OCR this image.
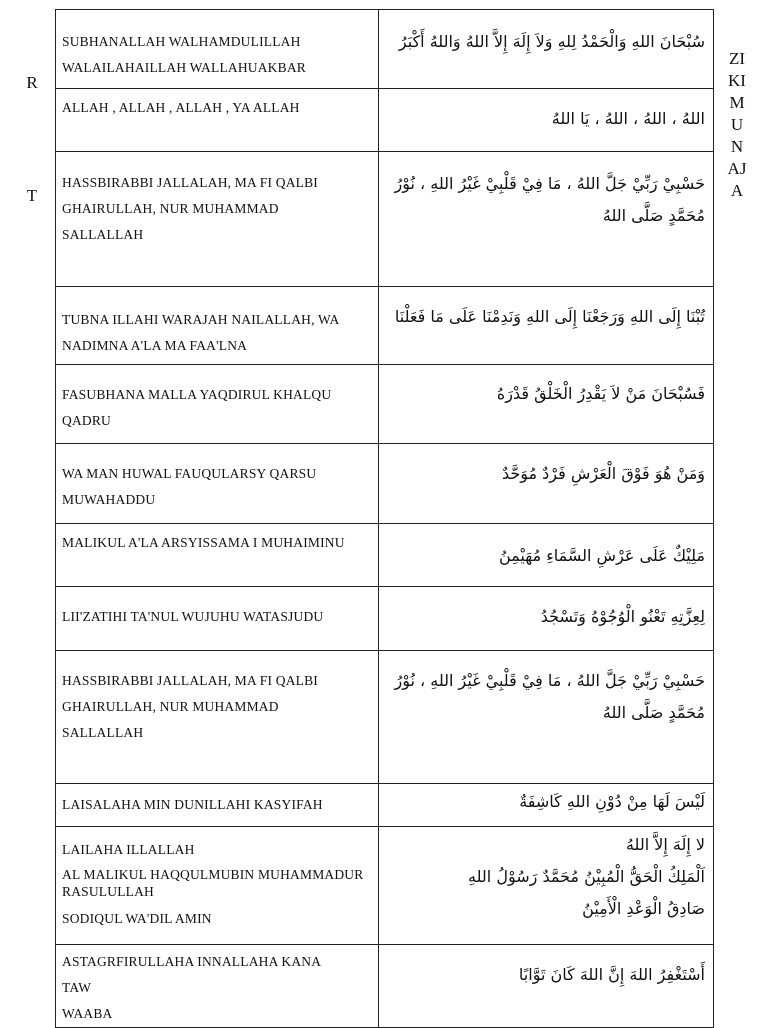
R
T
ZI
KI
M
U
N
AJ
A
SUBHANALLAH WALHAMDULILLAH
WALAILAHAILLAH WALLAHUAKBAR	سُبْحَانَ اللهِ وَالْحَمْدُ لِلهِ وَلاَ إِلَهَ إِلاَّ اللهُ وَاللهُ أَكْبَرُ

ALLAH , ALLAH , ALLAH , YA ALLAH	اللهُ ، اللهُ ، اللهُ ، يَا اللهُ

HASSBIRABBI JALLALAH, MA FI QALBI
GHAIRULLAH, NUR MUHAMMAD
SALLALLAH	حَسْبِيْ رَبِّيْ جَلَّ اللهُ ، مَا فِيْ قَلْبِيْ غَيْرُ اللهِ ، نُوْرُ
مُحَمَّدٍ صَلَّى اللهُ

TUBNA ILLAHI WARAJAH NAILALLAH, WA
NADIMNA A'LA MA FAA'LNA	تُبْنَا إِلَى اللهِ وَرَجَعْنَا إِلَى اللهِ وَنَدِمْنَا عَلَى مَا فَعَلْنَا

FASUBHANA MALLA YAQDIRUL KHALQU
QADRU	فَسُبْحَانَ مَنْ لاَ يَقْدِرُ الْخَلْقُ قَدْرَهُ

WA MAN HUWAL FAUQULARSY QARSU
MUWAHADDU	وَمَنْ هُوَ فَوْقَ الْعَرْشِ فَرْدٌ مُوَحَّدٌ

MALIKUL A'LA ARSYISSAMA I MUHAIMINU	مَلِيْكٌ عَلَى عَرْشِ السَّمَاءِ مُهَيْمِنُ

LII'ZATIHI TA'NUL WUJUHU WATASJUDU	لِعِزَّتِهِ تَعْنُو الْوُجُوْهُ وَتَسْجُدُ

HASSBIRABBI JALLALAH, MA FI QALBI
GHAIRULLAH, NUR MUHAMMAD
SALLALLAH	حَسْبِيْ رَبِّيْ جَلَّ اللهُ ، مَا فِيْ قَلْبِيْ غَيْرُ اللهِ ، نُوْرُ
مُحَمَّدٍ صَلَّى اللهُ

LAISALAHA MIN DUNILLAHI KASYIFAH	لَيْسَ لَهَا مِنْ دُوْنِ اللهِ كَاشِفَةٌ

LAILAHA ILLALLAH
AL MALIKUL HAQQULMUBIN MUHAMMADUR RASULULLAH
SODIQUL WA'DIL AMIN	لا إِلَهَ إِلاَّ اللهُ
اَلْمَلِكُ الْحَقُّ الْمُبِيْنُ مُحَمَّدٌ رَسُوْلُ اللهِ
صَادِقُ الْوَعْدِ الْأَمِيْنُ

ASTAGRFIRULLAHA INNALLAHA KANA
TAW
WAABA	أَسْتَغْفِرُ اللهَ إِنَّ اللهَ كَانَ تَوَّابًا
